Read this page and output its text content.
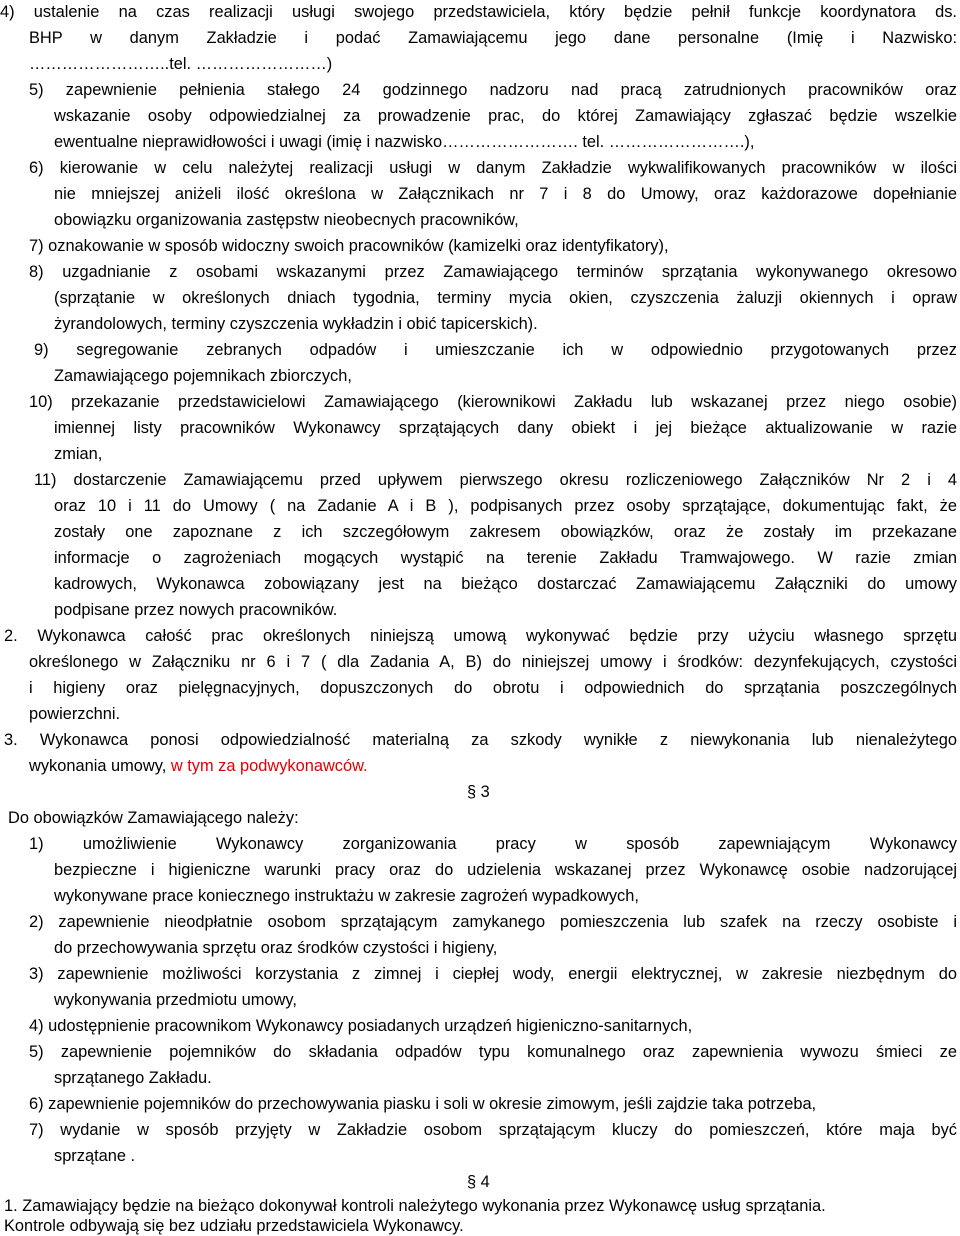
4) ustalenie na czas realizacji usługi swojego przedstawiciela, który będzie pełnił funkcje koordynatora ds.
BHP w danym Zakładzie i podać Zamawiającemu jego dane personalne (Imię i Nazwisko:
……………………..tel. ……………………)
5) zapewnienie pełnienia stałego 24 godzinnego nadzoru nad pracą zatrudnionych pracowników oraz
wskazanie osoby odpowiedzialnej za prowadzenie prac, do której Zamawiający zgłaszać będzie wszelkie
ewentualne nieprawidłowości i uwagi (imię i nazwisko……………………. tel. …………………….),
6) kierowanie w celu należytej realizacji usługi w danym Zakładzie wykwalifikowanych pracowników w ilości
nie mniejszej aniżeli ilość określona w Załącznikach nr 7 i 8 do Umowy, oraz każdorazowe dopełnianie
obowiązku organizowania zastępstw nieobecnych pracowników,
7) oznakowanie w sposób widoczny swoich pracowników (kamizelki oraz identyfikatory),
8) uzgadnianie z osobami wskazanymi przez Zamawiającego terminów sprzątania wykonywanego okresowo
(sprzątanie w określonych dniach tygodnia, terminy mycia okien, czyszczenia żaluzji okiennych i opraw
żyrandolowych, terminy czyszczenia wykładzin i obić tapicerskich).
9) segregowanie zebranych odpadów i umieszczanie ich w odpowiednio przygotowanych przez
Zamawiającego pojemnikach zbiorczych,
10) przekazanie przedstawicielowi Zamawiającego (kierownikowi Zakładu lub wskazanej przez niego osobie)
imiennej listy pracowników Wykonawcy sprzątających dany obiekt i jej bieżące aktualizowanie w razie
zmian,
11) dostarczenie Zamawiającemu przed upływem pierwszego okresu rozliczeniowego Załączników Nr 2 i 4
oraz 10 i 11 do Umowy ( na Zadanie A i B ), podpisanych przez osoby sprzątające, dokumentując fakt, że
zostały one zapoznane z ich szczegółowym zakresem obowiązków, oraz że zostały im przekazane
informacje o zagrożeniach mogących wystąpić na terenie Zakładu Tramwajowego. W razie zmian
kadrowych, Wykonawca zobowiązany jest na bieżąco dostarczać Zamawiającemu Załączniki do umowy
podpisane przez nowych pracowników.
2. Wykonawca całość prac określonych niniejszą umową wykonywać będzie przy użyciu własnego sprzętu
określonego w Załączniku nr 6 i 7 ( dla Zadania A, B) do niniejszej umowy i środków: dezynfekujących, czystości
i higieny oraz pielęgnacyjnych, dopuszczonych do obrotu i odpowiednich do sprzątania poszczególnych
powierzchni.
3. Wykonawca ponosi odpowiedzialność materialną za szkody wynikłe z niewykonania lub nienależytego
wykonania umowy, w tym za podwykonawców.
§ 3
Do obowiązków Zamawiającego należy:
1) umożliwienie Wykonawcy zorganizowania pracy w sposób zapewniającym Wykonawcy
bezpieczne i higieniczne warunki pracy oraz do udzielenia wskazanej przez Wykonawcę osobie nadzorującej
wykonywane prace koniecznego instruktażu w zakresie zagrożeń wypadkowych,
2) zapewnienie nieodpłatnie osobom sprzątającym zamykanego pomieszczenia lub szafek na rzeczy osobiste i
do przechowywania sprzętu oraz środków czystości i higieny,
3) zapewnienie możliwości korzystania z zimnej i ciepłej wody, energii elektrycznej, w zakresie niezbędnym do
wykonywania przedmiotu umowy,
4) udostępnienie pracownikom Wykonawcy posiadanych urządzeń higieniczno-sanitarnych,
5) zapewnienie pojemników do składania odpadów typu komunalnego oraz zapewnienia wywozu śmieci ze
sprzątanego Zakładu.
6) zapewnienie pojemników do przechowywania piasku i soli w okresie zimowym, jeśli zajdzie taka potrzeba,
7) wydanie w sposób przyjęty w Zakładzie osobom sprzątającym kluczy do pomieszczeń, które maja być
sprzątane .
§ 4
1. Zamawiający będzie na bieżąco dokonywał kontroli należytego wykonania przez Wykonawcę usług sprzątania.
Kontrole odbywają się bez udziału przedstawiciela Wykonawcy.
